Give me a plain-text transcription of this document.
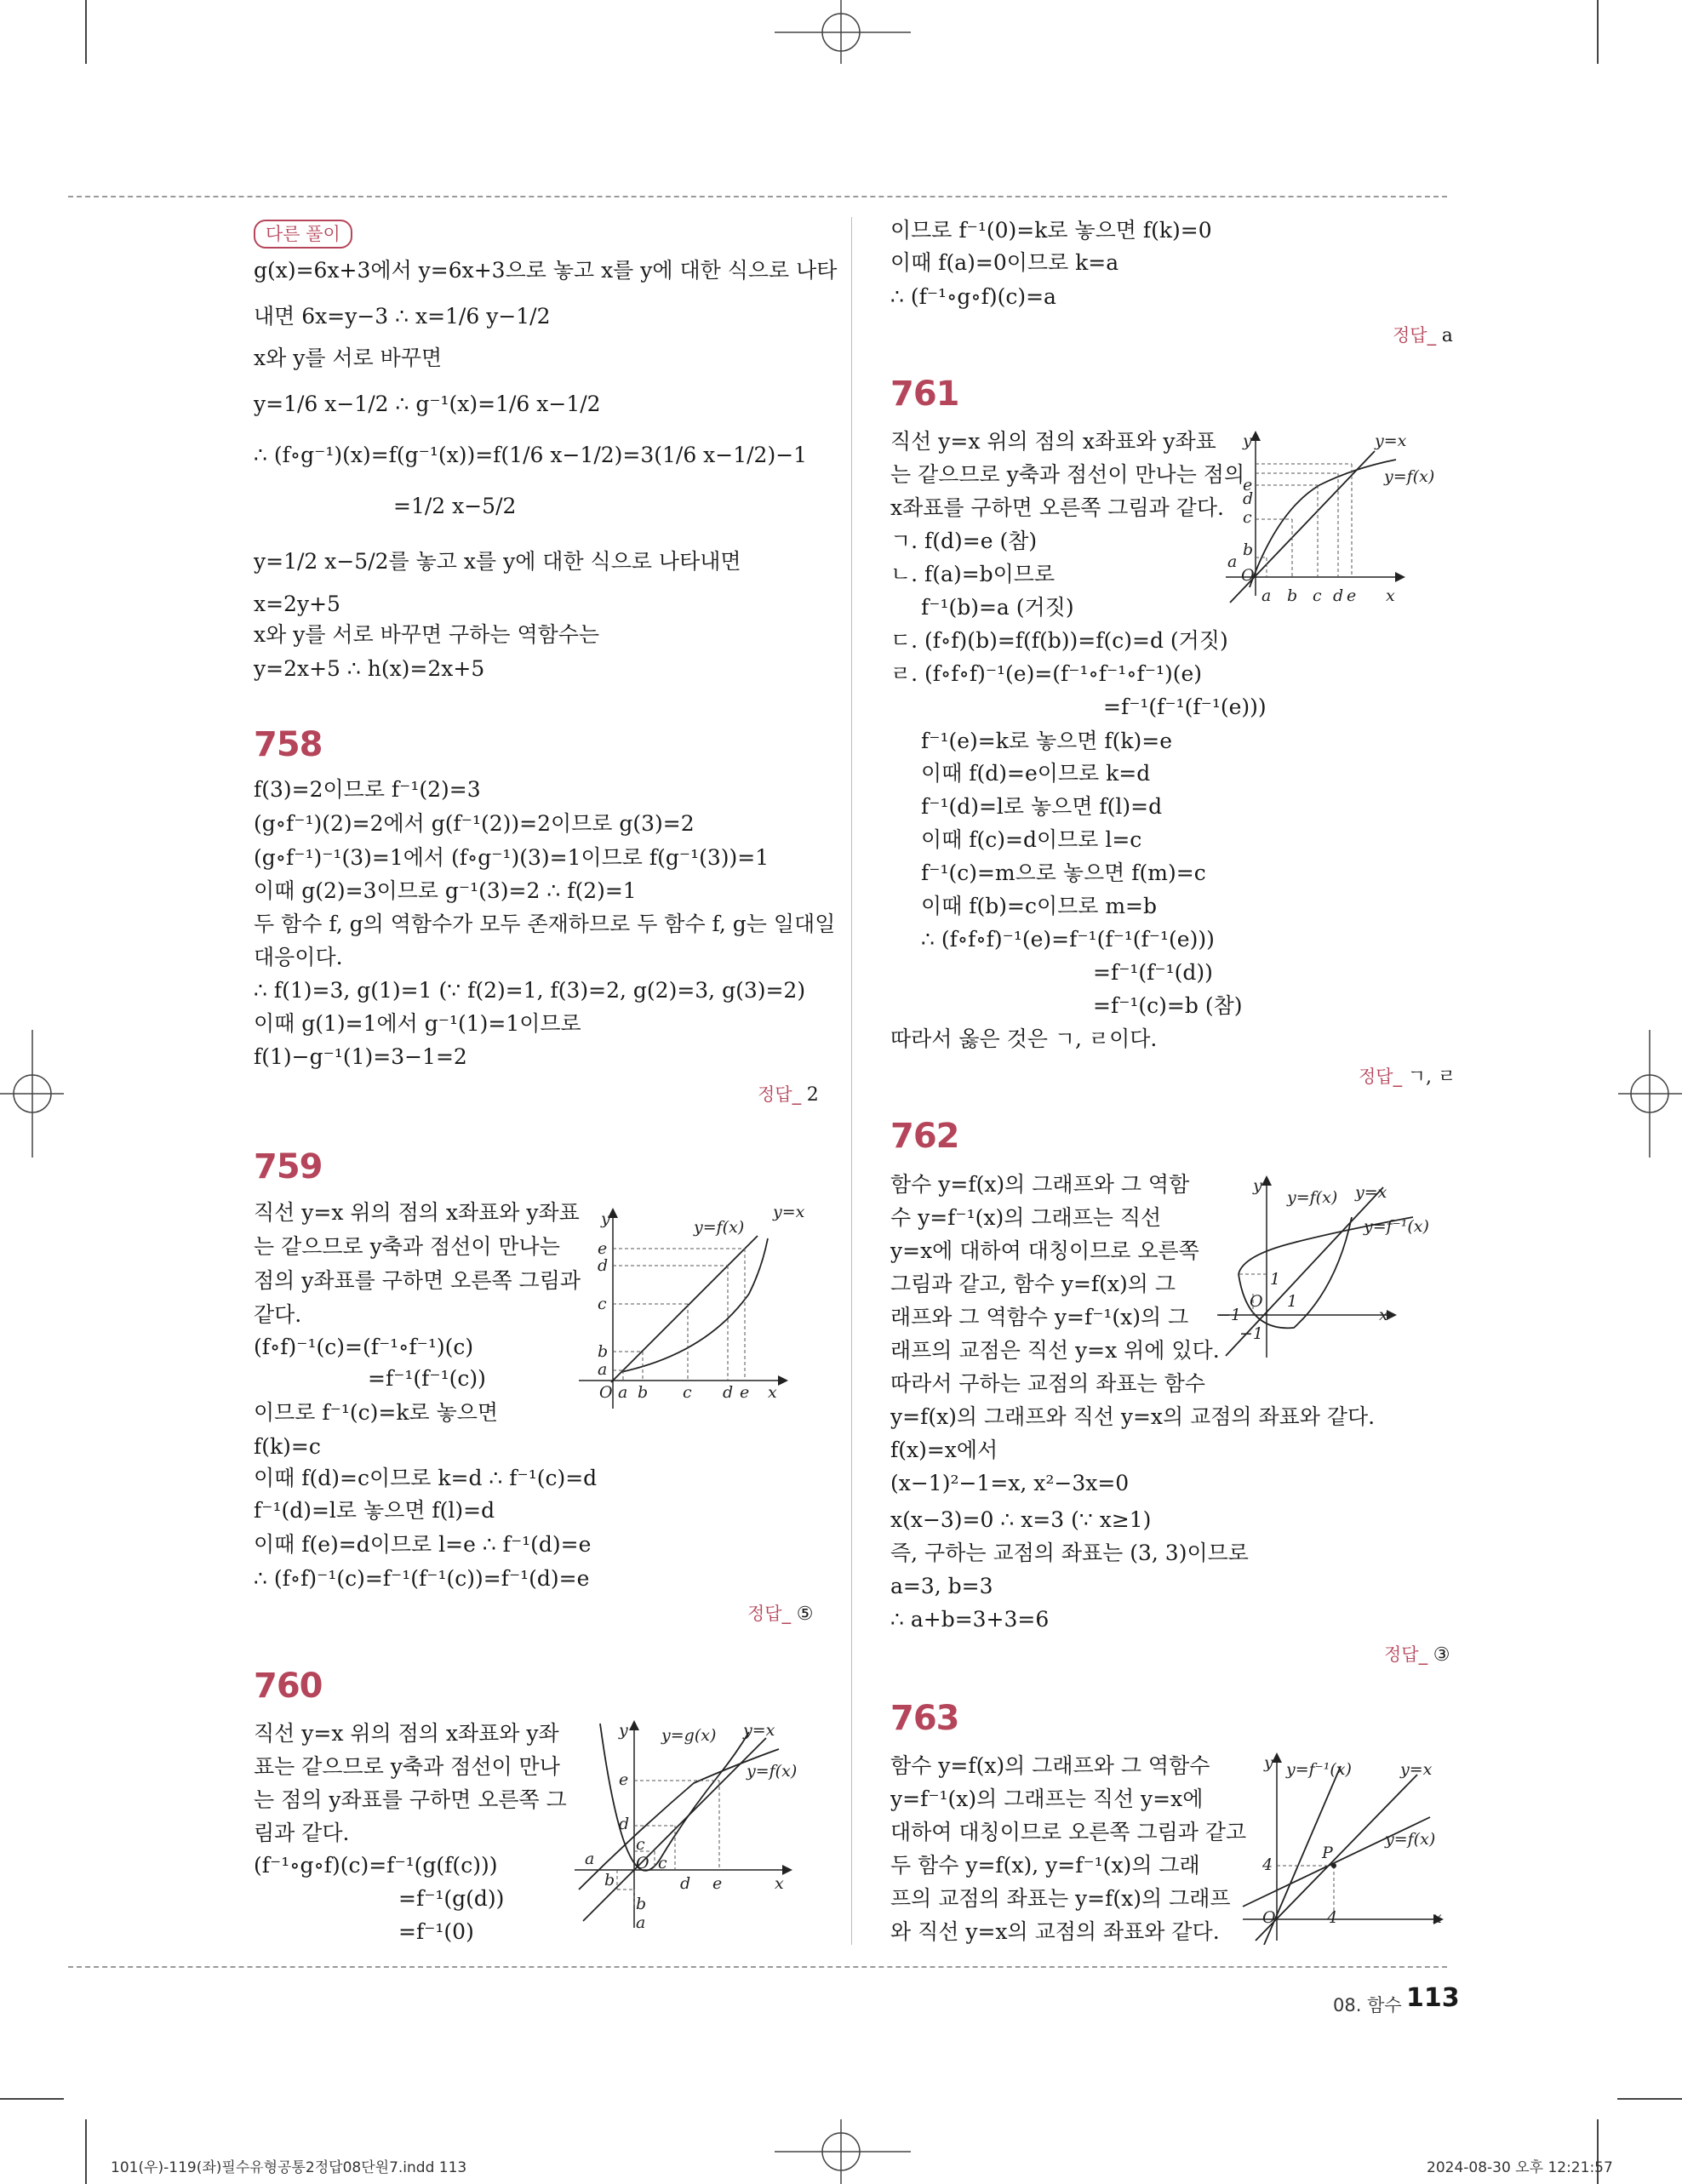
다른 풀이
g(x)=6x+3에서 y=6x+3으로 놓고 x를 y에 대한 식으로 나타
내면 6x=y−3 ∴ x=1/6 y−1/2
x와 y를 서로 바꾸면
y=1/6 x−1/2 ∴ g⁻¹(x)=1/6 x−1/2
∴ (f∘g⁻¹)(x)=f(g⁻¹(x))=f(1/6 x−1/2)=3(1/6 x−1/2)−1
=1/2 x−5/2
y=1/2 x−5/2를 놓고 x를 y에 대한 식으로 나타내면
x=2y+5
x와 y를 서로 바꾸면 구하는 역함수는
y=2x+5 ∴ h(x)=2x+5
758
f(3)=2이므로 f⁻¹(2)=3
(g∘f⁻¹)(2)=2에서 g(f⁻¹(2))=2이므로 g(3)=2
(g∘f⁻¹)⁻¹(3)=1에서 (f∘g⁻¹)(3)=1이므로 f(g⁻¹(3))=1
이때 g(2)=3이므로 g⁻¹(3)=2 ∴ f(2)=1
두 함수 f, g의 역함수가 모두 존재하므로 두 함수 f, g는 일대일
대응이다.
∴ f(1)=3, g(1)=1 (∵ f(2)=1, f(3)=2, g(2)=3, g(3)=2)
이때 g(1)=1에서 g⁻¹(1)=1이므로
f(1)−g⁻¹(1)=3−1=2
정답_ 2
759
직선 y=x 위의 점의 x좌표와 y좌표
는 같으므로 y축과 점선이 만나는
점의 y좌표를 구하면 오른쪽 그림과
같다.
(f∘f)⁻¹(c)=(f⁻¹∘f⁻¹)(c)
=f⁻¹(f⁻¹(c))
이므로 f⁻¹(c)=k로 놓으면
f(k)=c
이때 f(d)=c이므로 k=d ∴ f⁻¹(c)=d
f⁻¹(d)=l로 놓으면 f(l)=d
이때 f(e)=d이므로 l=e ∴ f⁻¹(d)=e
∴ (f∘f)⁻¹(c)=f⁻¹(f⁻¹(c))=f⁻¹(d)=e
정답_ ⑤
y	y=x
y=f(x)
e
d
c
b
a
O a b c d e x
760
직선 y=x 위의 점의 x좌표와 y좌
표는 같으므로 y축과 점선이 만나
는 점의 y좌표를 구하면 오른쪽 그
림과 같다.
(f⁻¹∘g∘f)(c)=f⁻¹(g(f(c)))
=f⁻¹(g(d))
=f⁻¹(0)
y y=g(x) y=x
y=f(x)
e
d
c
a	O c
b
b
a
d e	x
이므로 f⁻¹(0)=k로 놓으면 f(k)=0
이때 f(a)=0이므로 k=a
∴ (f⁻¹∘g∘f)(c)=a
정답_ a
761
직선 y=x 위의 점의 x좌표와 y좌표
는 같으므로 y축과 점선이 만나는 점의
x좌표를 구하면 오른쪽 그림과 같다.
ㄱ. f(d)=e (참)
ㄴ. f(a)=b이므로
f⁻¹(b)=a (거짓)
ㄷ. (f∘f)(b)=f(f(b))=f(c)=d (거짓)
ㄹ. (f∘f∘f)⁻¹(e)=(f⁻¹∘f⁻¹∘f⁻¹)(e)
=f⁻¹(f⁻¹(f⁻¹(e)))
f⁻¹(e)=k로 놓으면 f(k)=e
이때 f(d)=e이므로 k=d
f⁻¹(d)=l로 놓으면 f(l)=d
이때 f(c)=d이므로 l=c
f⁻¹(c)=m으로 놓으면 f(m)=c
이때 f(b)=c이므로 m=b
∴ (f∘f∘f)⁻¹(e)=f⁻¹(f⁻¹(f⁻¹(e)))
=f⁻¹(f⁻¹(d))
=f⁻¹(c)=b (참)
따라서 옳은 것은 ㄱ, ㄹ이다.
정답_ ㄱ, ㄹ
y	y=x
y=f(x)
e
d
c
b
a
O
a b c d e x
762
함수 y=f(x)의 그래프와 그 역함
수 y=f⁻¹(x)의 그래프는 직선
y=x에 대하여 대칭이므로 오른쪽
그림과 같고, 함수 y=f(x)의 그
래프와 그 역함수 y=f⁻¹(x)의 그
래프의 교점은 직선 y=x 위에 있다.
따라서 구하는 교점의 좌표는 함수
y=f(x)의 그래프와 직선 y=x의 교점의 좌표와 같다.
f(x)=x에서
(x−1)²−1=x, x²−3x=0
x(x−3)=0 ∴ x=3 (∵ x≥1)
즉, 구하는 교점의 좌표는 (3, 3)이므로
a=3, b=3
∴ a+b=3+3=6
정답_ ③
y
y=f(x) y=x
y=f⁻¹(x)
1
O 1
−1
−1
x
763
함수 y=f(x)의 그래프와 그 역함수
y=f⁻¹(x)의 그래프는 직선 y=x에
대하여 대칭이므로 오른쪽 그림과 같고
두 함수 y=f(x), y=f⁻¹(x)의 그래
프의 교점의 좌표는 y=f(x)의 그래프
와 직선 y=x의 교점의 좌표와 같다.
y y=f⁻¹(x)	y=x
y=f(x)
4
P
O	4	x
08. 함수 113
101(우)-119(좌)필수유형공통2정답08단원7.indd 113	2024-08-30 오후 12:21:57
